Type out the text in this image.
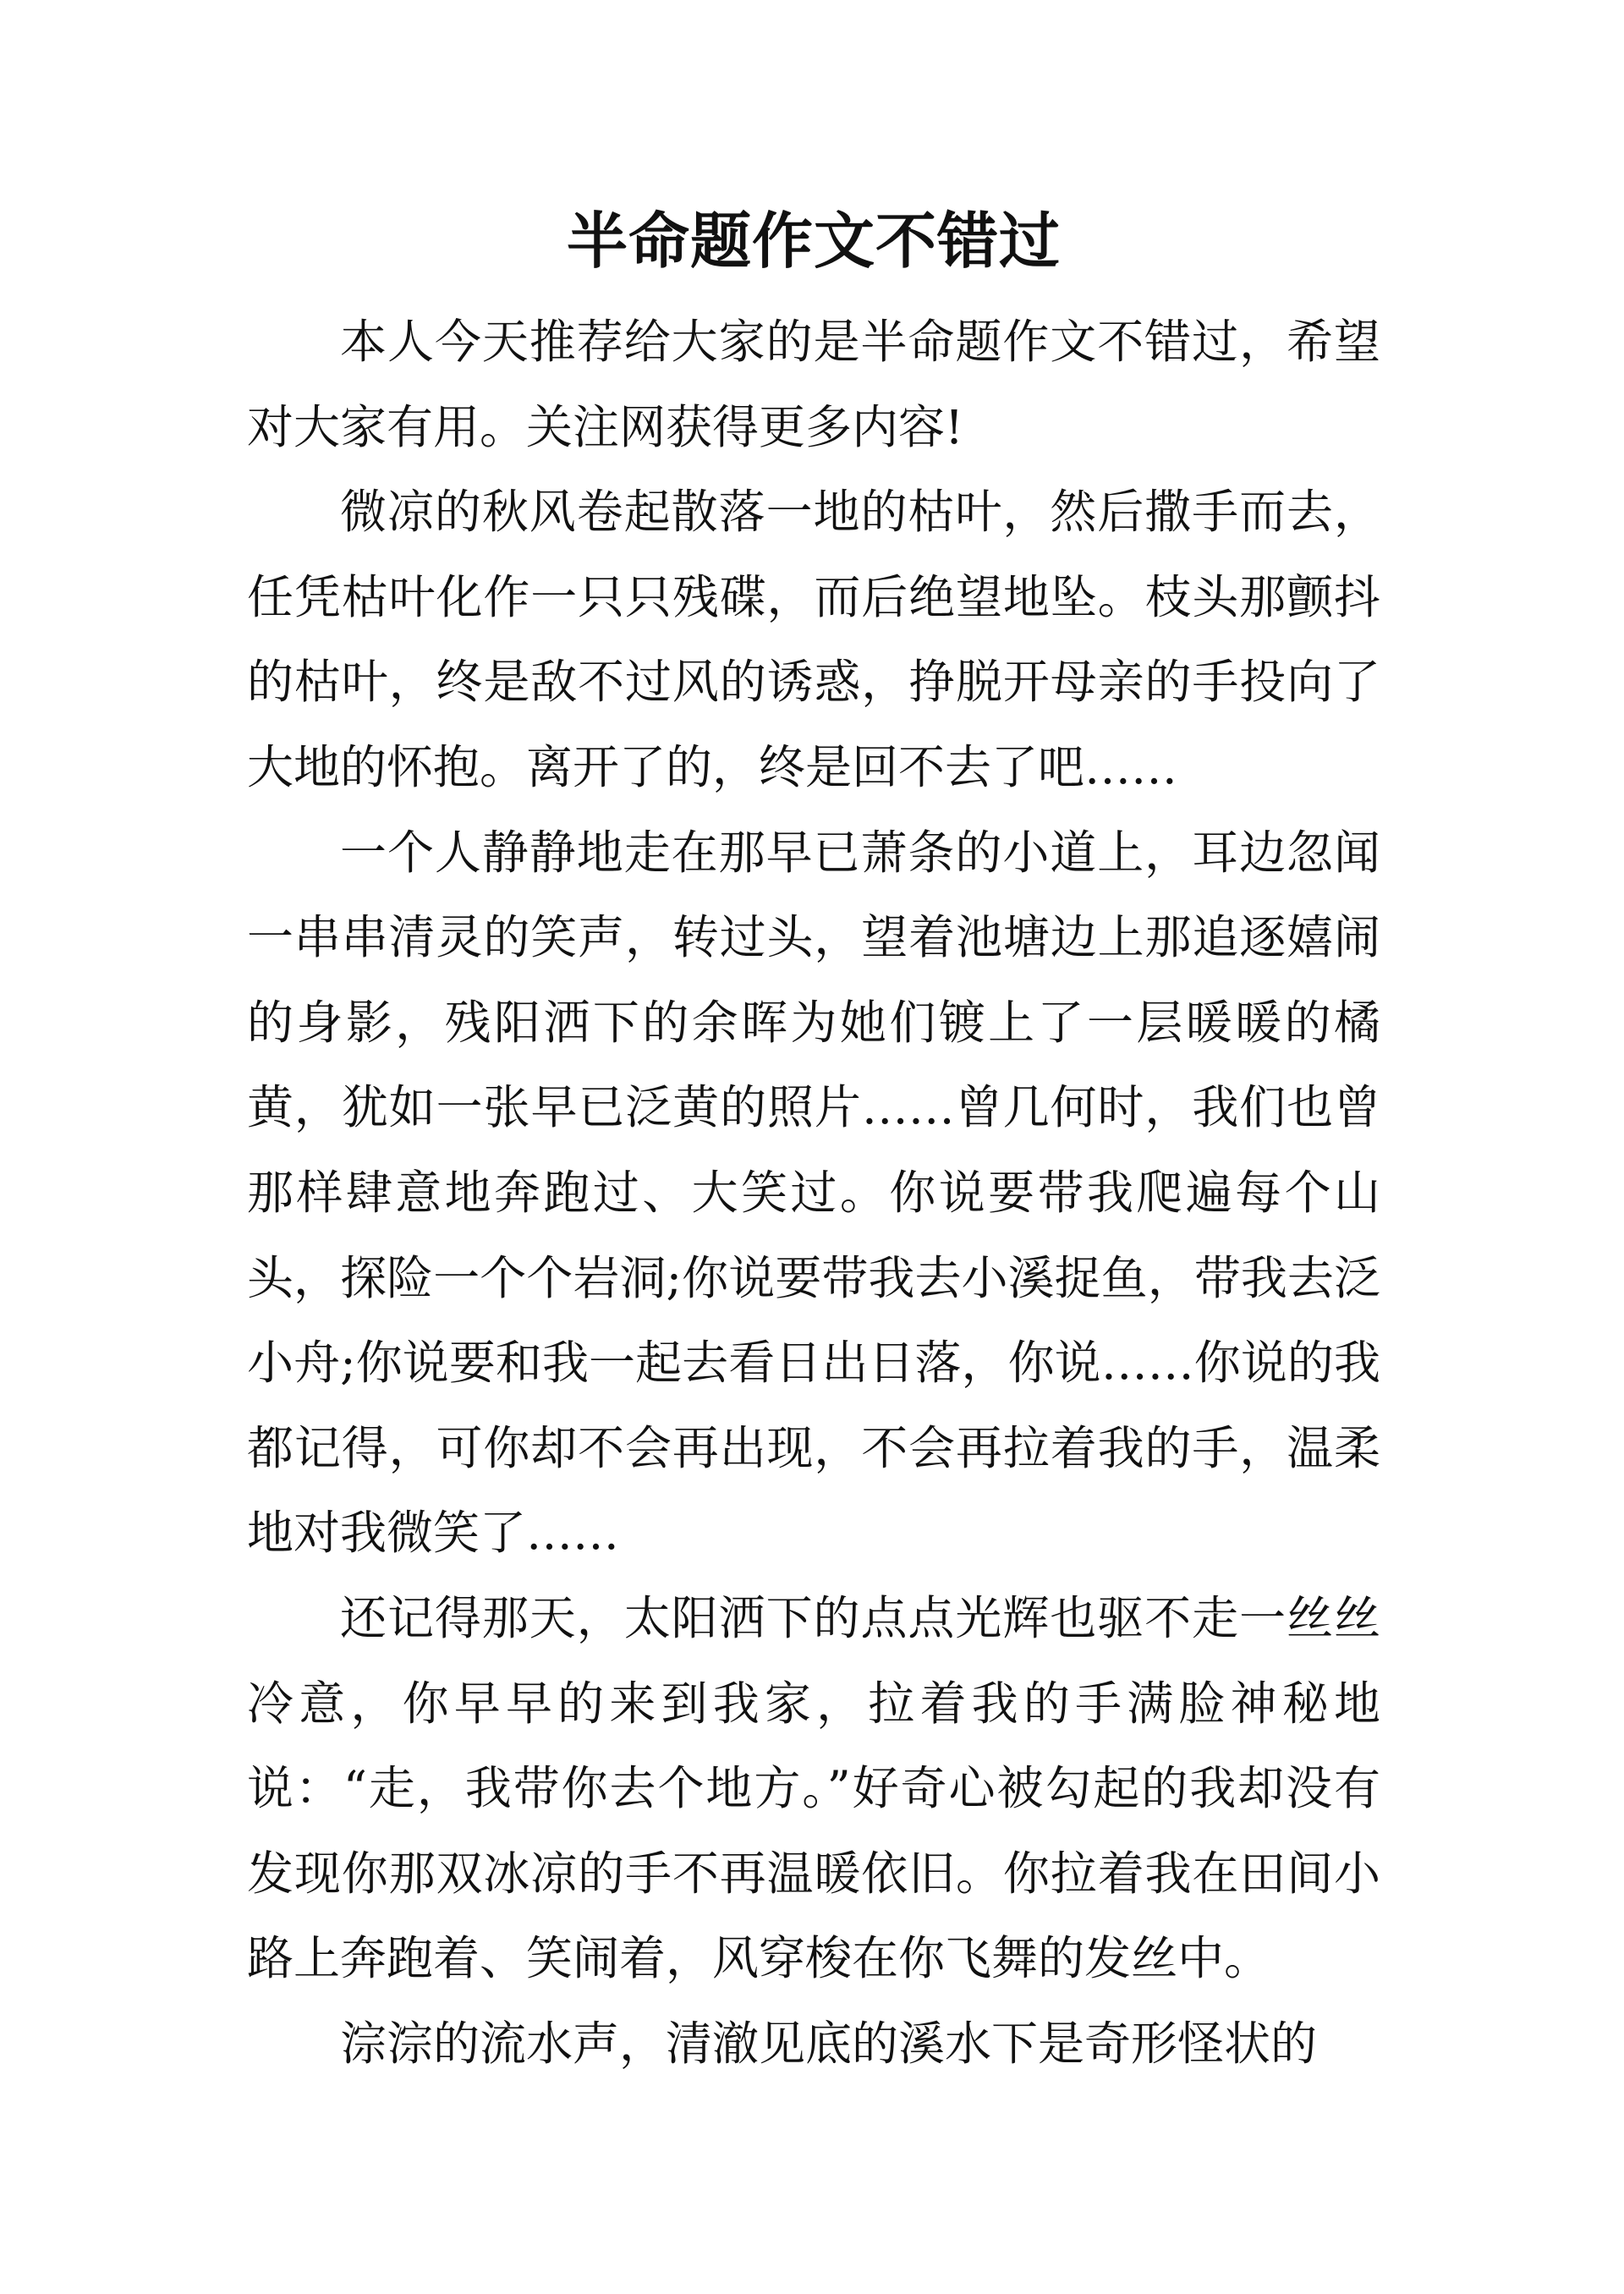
半命题作文不错过

本人今天推荐给大家的是半命题作文不错过，希望对大家有用。关注网获得更多内容!

微凉的秋风卷起散落一地的枯叶，然后撒手而去，任凭枯叶化作一只只残碟，而后绝望地坠。枝头那颤抖的枯叶，终是敌不过风的诱惑，挣脱开母亲的手投向了大地的怀抱。离开了的，终是回不去了吧……

一个人静静地走在那早已萧条的小道上，耳边忽闻一串串清灵的笑声，转过头，望着池塘边上那追逐嬉闹的身影，残阳洒下的余晖为她们镀上了一层暖暖的橘黄，犹如一张早已泛黄的照片……曾几何时，我们也曾那样肆意地奔跑过、大笑过。你说要带我爬遍每个山头，探险一个个岩洞;你说要带我去小溪捉鱼，带我去泛小舟;你说要和我一起去看日出日落，你说……你说的我都记得，可你却不会再出现，不会再拉着我的手，温柔地对我微笑了……

还记得那天，太阳洒下的点点光辉也驱不走一丝丝冷意，你早早的来到我家，拉着我的手满脸神秘地说：“走，我带你去个地方。”好奇心被勾起的我却没有发现你那双冰凉的手不再温暖依旧。你拉着我在田间小路上奔跑着、笑闹着，风穿梭在你飞舞的发丝中。

淙淙的流水声，清澈见底的溪水下是奇形怪状的
